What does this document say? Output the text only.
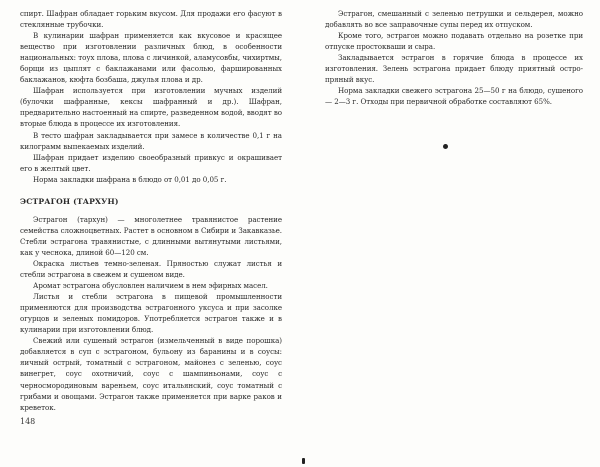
спирт. Шафран обладает горьким вкусом. Для продажи его фасуют в стеклянные трубочки.

В кулинарии шафран применяется как вкусовое и красящее вещество при изготовлении различных блюд, в особенности национальных: тоух плова, плова с личинкой, аламусовбы, чихиртмы, борщи из цыплят с баклажанами или фасолью, фаршированных баклажанов, кюфта бозбаша, джулья плова и др.

Шафран используется при изготовлении мучных изделий (булочки шафранные, кексы шафранный и др.). Шафран, предварительно настоенный на спирте, разведенном водой, вводят во вторые блюда в процессе их изготовления.

В тесто шафран закладывается при замесе в количестве 0,1 г на килограмм выпекаемых изделий.

Шафран придает изделию своеобразный привкус и окрашивает его в желтый цвет.

Норма закладки шафрана в блюдо от 0,01 до 0,05 г.

ЭСТРАГОН (ТАРХУН)

Эстрагон (тархун) — многолетнее травянистое растение семейства сложноцветных. Растет в основном в Сибири и Закавказье. Стебли эстрагона травянистые, с длинными вытянутыми листьями, как у чеснока, длиной 60—120 см.

Окраска листьев темно-зеленая. Пряностью служат листья и стебли эстрагона в свежем и сушеном виде.

Аромат эстрагона обусловлен наличием в нем эфирных масел.

Листья и стебли эстрагона в пищевой промышленности применяются для производства эстрагонного уксуса и при засолке огурцов и зеленых помидоров. Употребляется эстрагон также и в кулинарии при изготовлении блюд.

Свежий или сушеный эстрагон (измельченный в виде порошка) добавляется в суп с эстрагоном, бульону из баранины и в соусы: яичный острый, томатный с эстрагоном, майонез с зеленью, соус винегрет, соус охотничий, соус с шампиньонами, соус с черносмородиновым вареньем, соус итальянский, соус томатный с грибами и овощами. Эстрагон также применяется при варке раков и креветок.

148

Эстрагон, смешанный с зеленью петрушки и сельдерея, можно добавлять во все заправочные супы перед их отпуском.

Кроме того, эстрагон можно подавать отдельно на розетке при отпуске простокваши и сыра.

Закладывается эстрагон в горячие блюда в процессе их изготовления. Зелень эстрагона придает блюду приятный остро-пряный вкус.

Норма закладки свежего эстрагона 25—50 г на блюдо, сушеного — 2—3 г. Отходы при первичной обработке составляют 65%.
